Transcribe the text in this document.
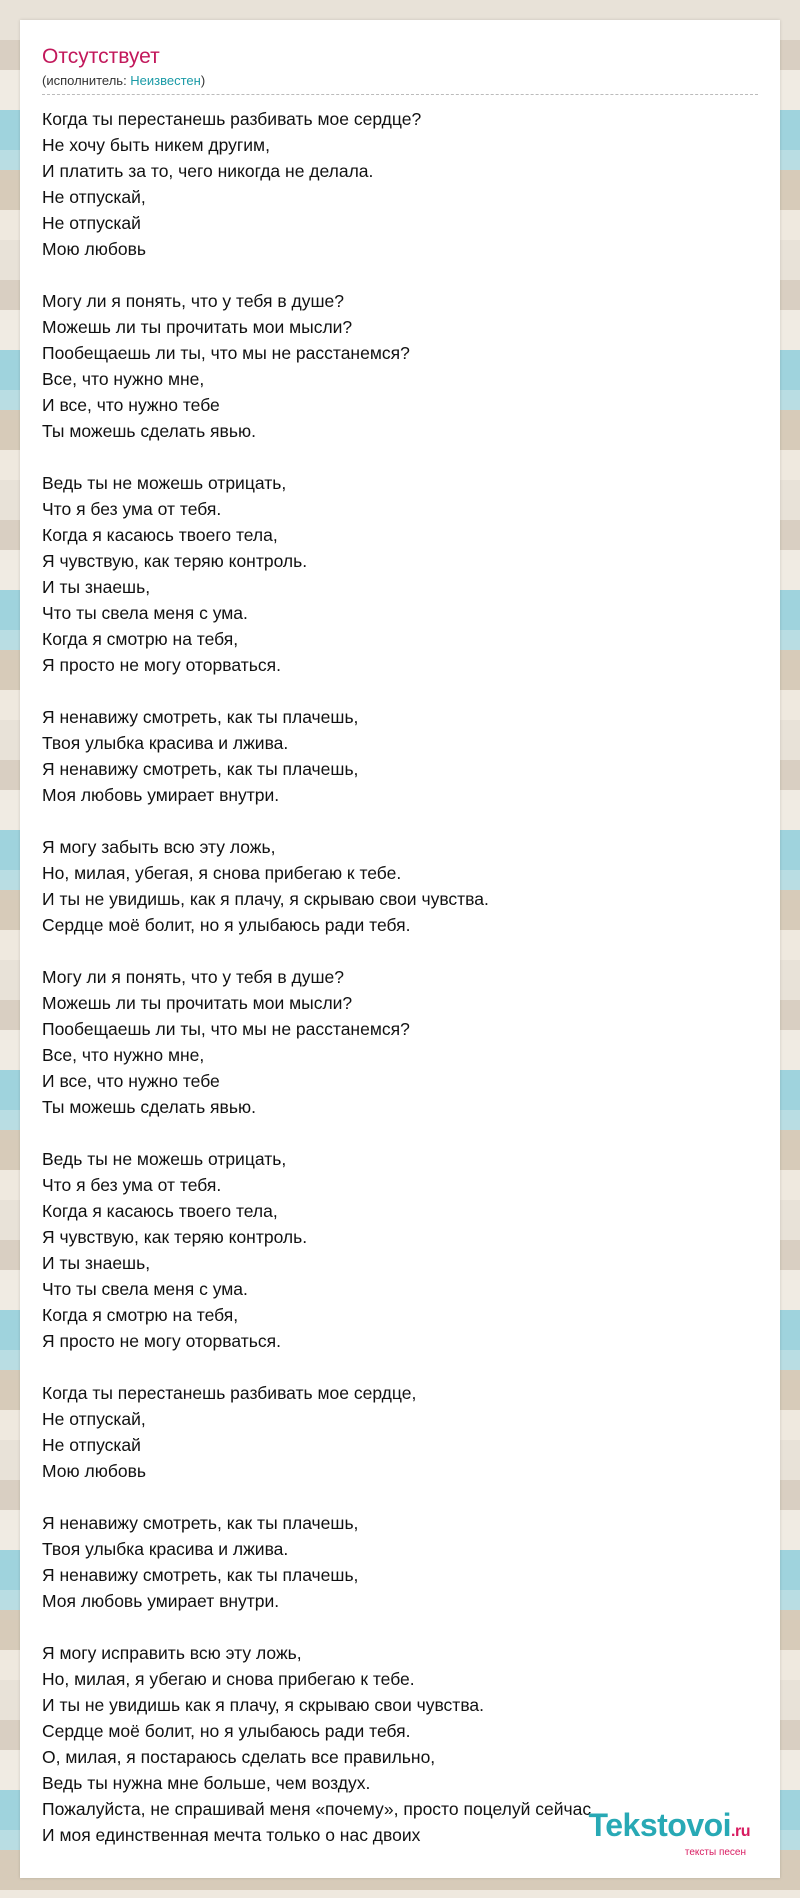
Отсутствует
(исполнитель: Неизвестен)
Когда ты перестанешь разбивать мое сердце?
Не хочу быть никем другим,
И платить за то, чего никогда не делала.
Не отпускай,
Не отпускай
Мою любовь

Могу ли я понять, что у тебя в душе?
Можешь ли ты прочитать мои мысли?
Пообещаешь ли ты, что мы не расстанемся?
Все, что нужно мне,
И все, что нужно тебе
Ты можешь сделать явью.

Ведь ты не можешь отрицать,
Что я без ума от тебя.
Когда я касаюсь твоего тела,
Я чувствую, как теряю контроль.
И ты знаешь,
Что ты свела меня с ума.
Когда я смотрю на тебя,
Я просто не могу оторваться.

Я ненавижу смотреть, как ты плачешь,
Твоя улыбка красива и лжива.
Я ненавижу смотреть, как ты плачешь,
Моя любовь умирает внутри.

Я могу забыть всю эту ложь,
Но, милая, убегая, я снова прибегаю к тебе.
И ты не увидишь, как я плачу, я скрываю свои чувства.
Сердце моё болит, но я улыбаюсь ради тебя.

Могу ли я понять, что у тебя в душе?
Можешь ли ты прочитать мои мысли?
Пообещаешь ли ты, что мы не расстанемся?
Все, что нужно мне,
И все, что нужно тебе
Ты можешь сделать явью.

Ведь ты не можешь отрицать,
Что я без ума от тебя.
Когда я касаюсь твоего тела,
Я чувствую, как теряю контроль.
И ты знаешь,
Что ты свела меня с ума.
Когда я смотрю на тебя,
Я просто не могу оторваться.

Когда ты перестанешь разбивать мое сердце,
Не отпускай,
Не отпускай
Мою любовь

Я ненавижу смотреть, как ты плачешь,
Твоя улыбка красива и лжива.
Я ненавижу смотреть, как ты плачешь,
Моя любовь умирает внутри.

Я могу исправить всю эту ложь,
Но, милая, я убегаю и снова прибегаю к тебе.
И ты не увидишь как я плачу, я скрываю свои чувства.
Сердце моё болит, но я улыбаюсь ради тебя.
О, милая, я постараюсь сделать все правильно,
Ведь ты нужна мне больше, чем воздух.
Пожалуйста, не спрашивай меня «почему», просто поцелуй сейчас
И моя единственная мечта только о нас двоих	Tekstovoi.ru
тексты песен
